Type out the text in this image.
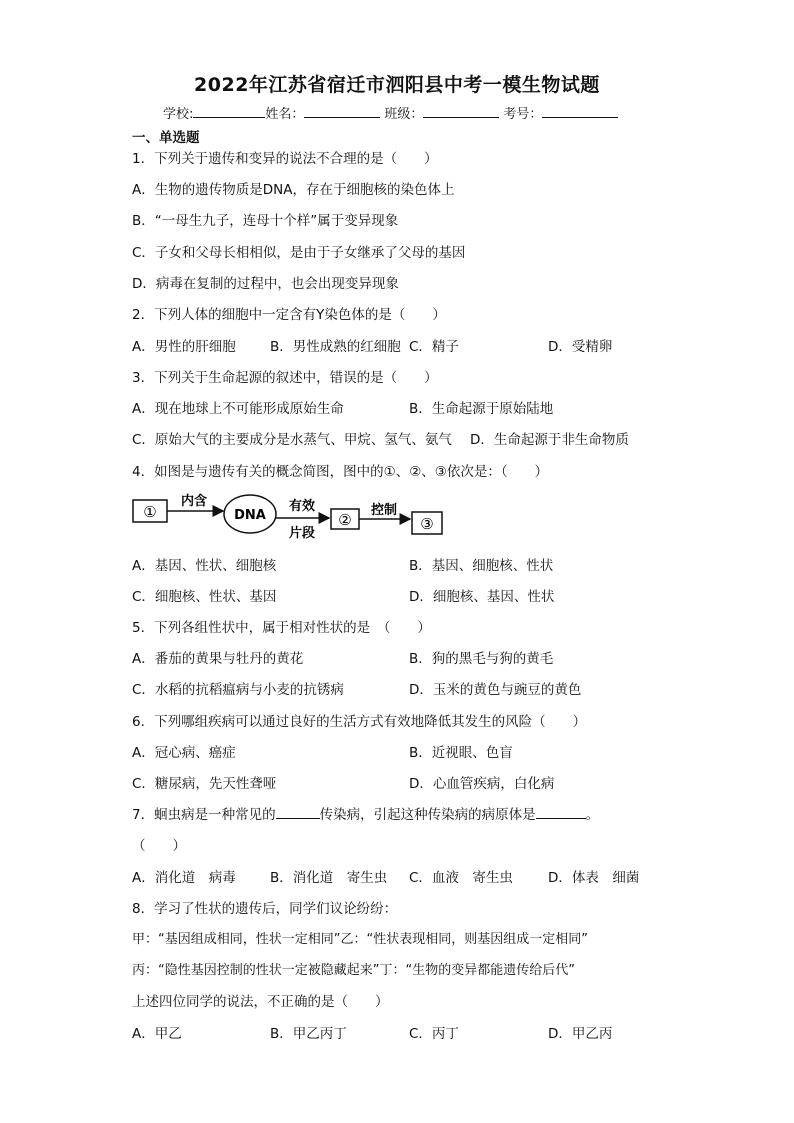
2022年江苏省宿迁市泗阳县中考一模生物试题
学校:	姓名：	班级：	考号：
一、单选题
1．下列关于遗传和变异的说法不合理的是（　　）
A．生物的遗传物质是DNA，存在于细胞核的染色体上
B．“一母生九子，连母十个样”属于变异现象
C．子女和父母长相相似，是由于子女继承了父母的基因
D．病毒在复制的过程中，也会出现变异现象
2．下列人体的细胞中一定含有Y染色体的是（　　）
A．男性的肝细胞	B．男性成熟的红细胞 C．精子	D．受精卵
3．下列关于生命起源的叙述中，错误的是（　　）
A．现在地球上不可能形成原始生命	B．生命起源于原始陆地
C．原始大气的主要成分是水蒸气、甲烷、氢气、氨气 D．生命起源于非生命物质
4．如图是与遗传有关的概念简图，图中的①、②、③依次是：（　　）
①
内含
DNA
有效
片段
②
控制
③
A．基因、性状、细胞核	B．基因、细胞核、性状
C．细胞核、性状、基因	D．细胞核、基因、性状
5．下列各组性状中，属于相对性状的是　（　　）
A．番茄的黄果与牡丹的黄花	B．狗的黑毛与狗的黄毛
C．水稻的抗稻瘟病与小麦的抗锈病	D．玉米的黄色与豌豆的黄色
6．下列哪组疾病可以通过良好的生活方式有效地降低其发生的风险（　　）
A．冠心病、癌症	B．近视眼、色盲
C．糖尿病，先天性聋哑	D．心血管疾病，白化病
7．蛔虫病是一种常见的	传染病，引起这种传染病的病原体是	。
（　　）
A．消化道　病毒	B．消化道　寄生虫 C．血液　寄生虫	D．体表　细菌
8．学习了性状的遗传后，同学们议论纷纷：
甲：“基因组成相同，性状一定相同”乙：“性状表现相同，则基因组成一定相同”
丙：“隐性基因控制的性状一定被隐藏起来”丁：“生物的变异都能遗传给后代”
上述四位同学的说法，不正确的是（　　）
A．甲乙	B．甲乙丙丁	C．丙丁	D．甲乙丙
